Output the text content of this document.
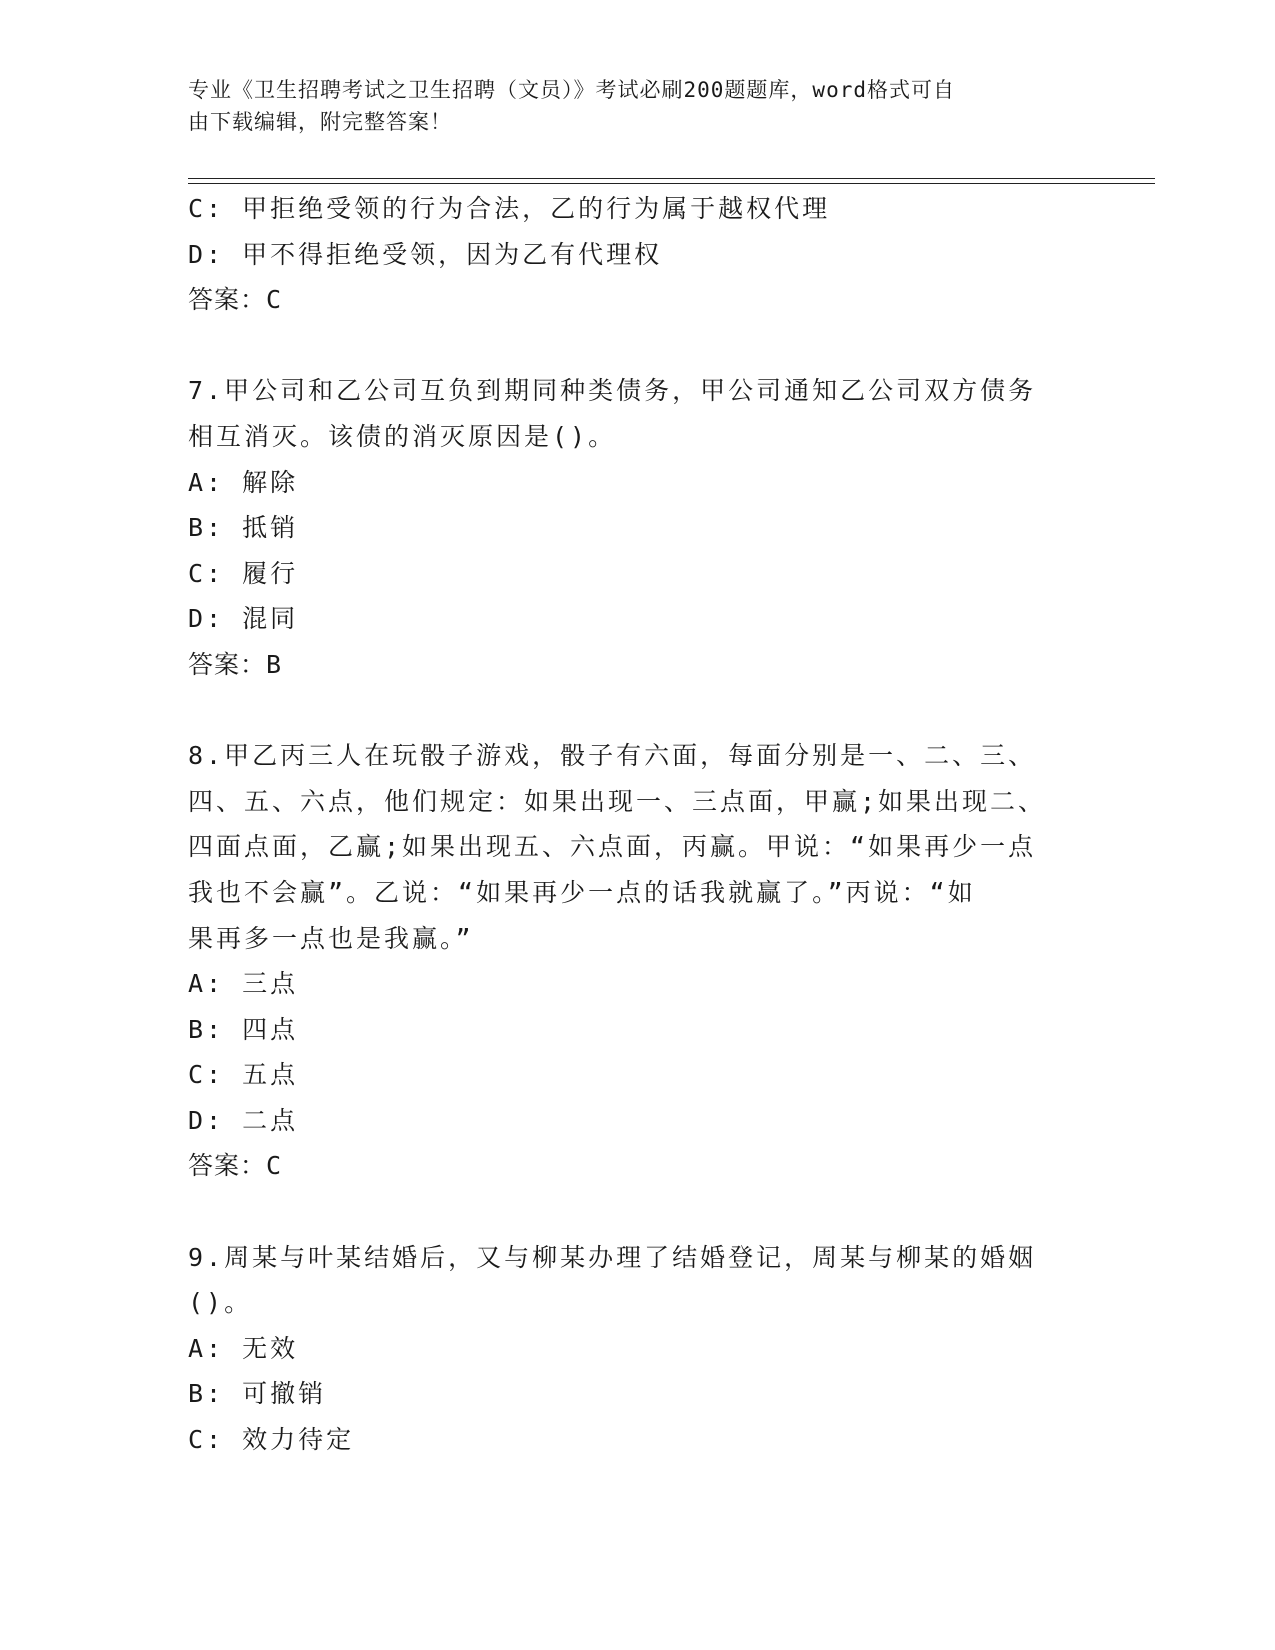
专业《卫生招聘考试之卫生招聘（文员）》考试必刷200题题库，word格式可自
由下载编辑，附完整答案！
C: 甲拒绝受领的行为合法，乙的行为属于越权代理
D: 甲不得拒绝受领，因为乙有代理权
答案：C
7.甲公司和乙公司互负到期同种类债务，甲公司通知乙公司双方债务
相互消灭。该债的消灭原因是()。
A: 解除
B: 抵销
C: 履行
D: 混同
答案：B
8.甲乙丙三人在玩骰子游戏，骰子有六面，每面分别是一、二、三、
四、五、六点，他们规定：如果出现一、三点面，甲赢;如果出现二、
四面点面，乙赢;如果出现五、六点面，丙赢。甲说：“如果再少一点
我也不会赢”。乙说：“如果再少一点的话我就赢了。”丙说：“如
果再多一点也是我赢。”
A: 三点
B: 四点
C: 五点
D: 二点
答案：C
9.周某与叶某结婚后，又与柳某办理了结婚登记，周某与柳某的婚姻
()。
A: 无效
B: 可撤销
C: 效力待定
